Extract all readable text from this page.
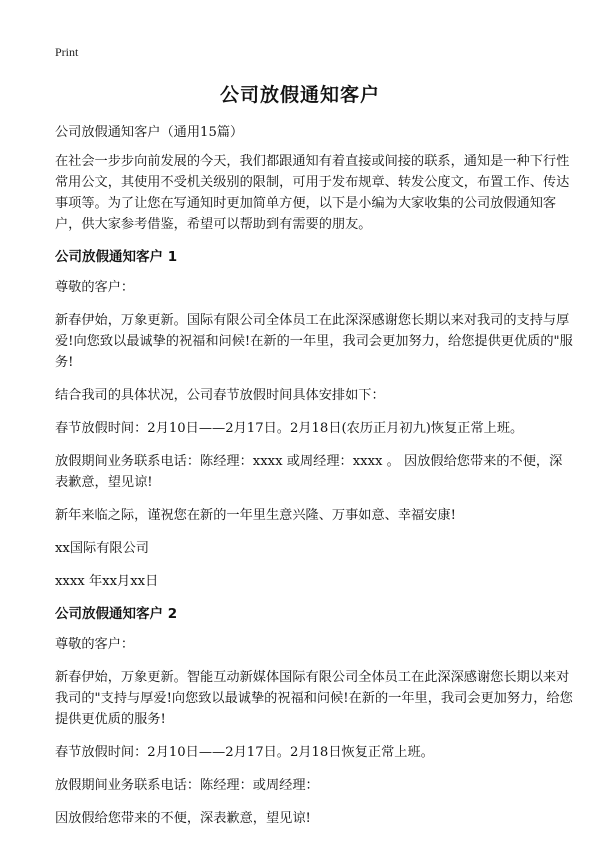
Print
公司放假通知客户

公司放假通知客户（通用15篇）

在社会一步步向前发展的今天，我们都跟通知有着直接或间接的联系，通知是一种下行性常用公文，其使用不受机关级别的限制，可用于发布规章、转发公度文，布置工作、传达事项等。为了让您在写通知时更加简单方便，以下是小编为大家收集的公司放假通知客户，供大家参考借鉴，希望可以帮助到有需要的朋友。

公司放假通知客户 1

尊敬的客户：

新春伊始，万象更新。国际有限公司全体员工在此深深感谢您长期以来对我司的支持与厚爱!向您致以最诚挚的祝福和问候!在新的一年里，我司会更加努力，给您提供更优质的"服务!

结合我司的具体状况，公司春节放假时间具体安排如下：

春节放假时间：2月10日——2月17日。2月18日(农历正月初九)恢复正常上班。

放假期间业务联系电话：陈经理：xxxx 或周经理：xxxx 。 因放假给您带来的不便，深表歉意，望见谅!

新年来临之际，谨祝您在新的一年里生意兴隆、万事如意、幸福安康!

xx国际有限公司

xxxx 年xx月xx日

公司放假通知客户 2

尊敬的客户：

新春伊始，万象更新。智能互动新媒体国际有限公司全体员工在此深深感谢您长期以来对我司的"支持与厚爱!向您致以最诚挚的祝福和问候!在新的一年里，我司会更加努力，给您提供更优质的服务!

春节放假时间：2月10日——2月17日。2月18日恢复正常上班。

放假期间业务联系电话：陈经理：或周经理：

因放假给您带来的不便，深表歉意，望见谅!
